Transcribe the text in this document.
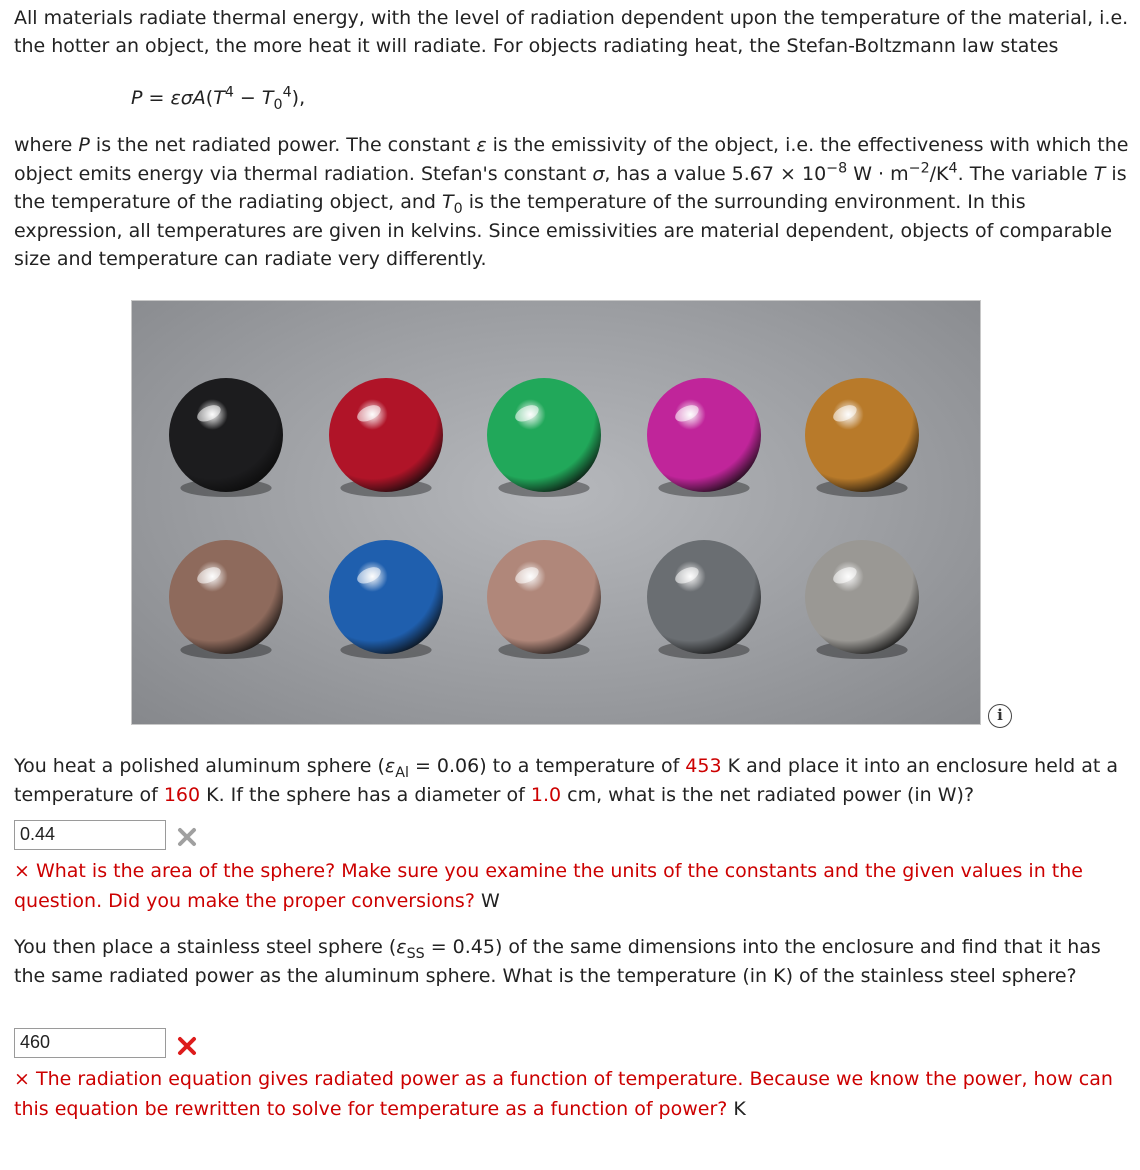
All materials radiate thermal energy, with the level of radiation dependent upon the temperature of the material, i.e. the hotter an object, the more heat it will radiate. For objects radiating heat, the Stefan-Boltzmann law states

$P = \varepsilon\sigma A(T^4 - T_0^4)$,

where P is the net radiated power. The constant ε is the emissivity of the object, i.e. the effectiveness with which the object emits energy via thermal radiation. Stefan's constant σ, has a value $5.67 \times 10^{-8}$ $W \cdot m^{-2}/K^4$. The variable T is the temperature of the radiating object, and $T_0$ is the temperature of the surrounding environment. In this expression, all temperatures are given in kelvins. Since emissivities are material dependent, objects of comparable size and temperature can radiate very differently.

i

You heat a polished aluminum sphere $(\varepsilon_{Al} = 0.06)$ to a temperature of 453 K and place it into an enclosure held at a temperature of 160 K. If the sphere has a diameter of 1.0 cm, what is the net radiated power (in W)?

0.44

× What is the area of the sphere? Make sure you examine the units of the constants and the given values in the question. Did you make the proper conversions? W

You then place a stainless steel sphere $(\varepsilon_{SS} = 0.45)$ of the same dimensions into the enclosure and find that it has the same radiated power as the aluminum sphere. What is the temperature (in K) of the stainless steel sphere?

460

× The radiation equation gives radiated power as a function of temperature. Because we know the power, how can this equation be rewritten to solve for temperature as a function of power? K
